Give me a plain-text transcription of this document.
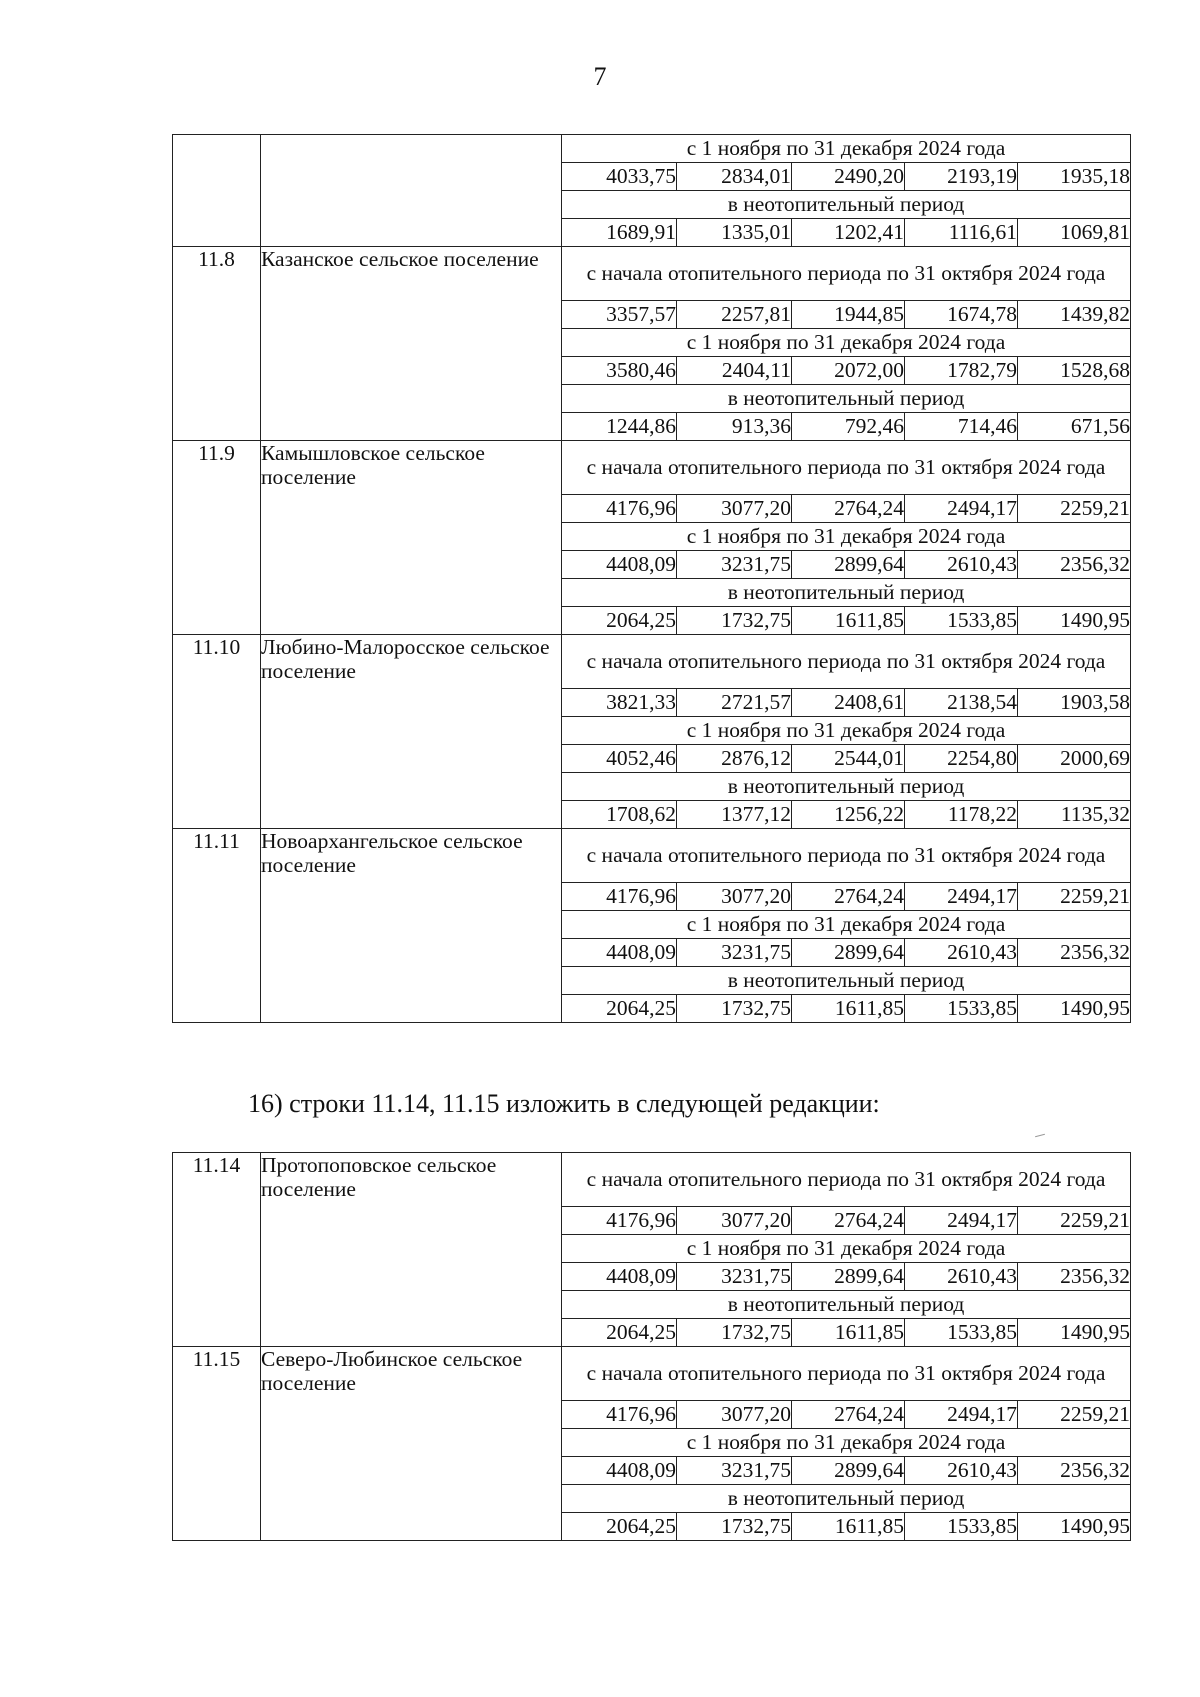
7
		с 1 ноября по 31 декабря 2024 года				
		4033,75	2834,01	2490,20	2193,19	1935,18
		в неотопительный период				
		1689,91	1335,01	1202,41	1116,61	1069,81
11.8	Казанское сельское поселение	с начала отопительного периода по 31 октября 2024 года				
		3357,57	2257,81	1944,85	1674,78	1439,82
		с 1 ноября по 31 декабря 2024 года				
		3580,46	2404,11	2072,00	1782,79	1528,68
		в неотопительный период				
		1244,86	913,36	792,46	714,46	671,56
11.9	Камышловское сельское поселение	с начала отопительного периода по 31 октября 2024 года				
		4176,96	3077,20	2764,24	2494,17	2259,21
		с 1 ноября по 31 декабря 2024 года				
		4408,09	3231,75	2899,64	2610,43	2356,32
		в неотопительный период				
		2064,25	1732,75	1611,85	1533,85	1490,95
11.10	Любино-Малоросское сельское поселение	с начала отопительного периода по 31 октября 2024 года				
		3821,33	2721,57	2408,61	2138,54	1903,58
		с 1 ноября по 31 декабря 2024 года				
		4052,46	2876,12	2544,01	2254,80	2000,69
		в неотопительный период				
		1708,62	1377,12	1256,22	1178,22	1135,32
11.11	Новоархангельское сельское поселение	с начала отопительного периода по 31 октября 2024 года				
		4176,96	3077,20	2764,24	2494,17	2259,21
		с 1 ноября по 31 декабря 2024 года				
		4408,09	3231,75	2899,64	2610,43	2356,32
		в неотопительный период				
		2064,25	1732,75	1611,85	1533,85	1490,95
16) строки 11.14, 11.15 изложить в следующей редакции:
11.14	Протопоповское сельское поселение	с начала отопительного периода по 31 октября 2024 года				
		4176,96	3077,20	2764,24	2494,17	2259,21
		с 1 ноября по 31 декабря 2024 года				
		4408,09	3231,75	2899,64	2610,43	2356,32
		в неотопительный период				
		2064,25	1732,75	1611,85	1533,85	1490,95
11.15	Северо-Любинское сельское поселение	с начала отопительного периода по 31 октября 2024 года				
		4176,96	3077,20	2764,24	2494,17	2259,21
		с 1 ноября по 31 декабря 2024 года				
		4408,09	3231,75	2899,64	2610,43	2356,32
		в неотопительный период				
		2064,25	1732,75	1611,85	1533,85	1490,95
